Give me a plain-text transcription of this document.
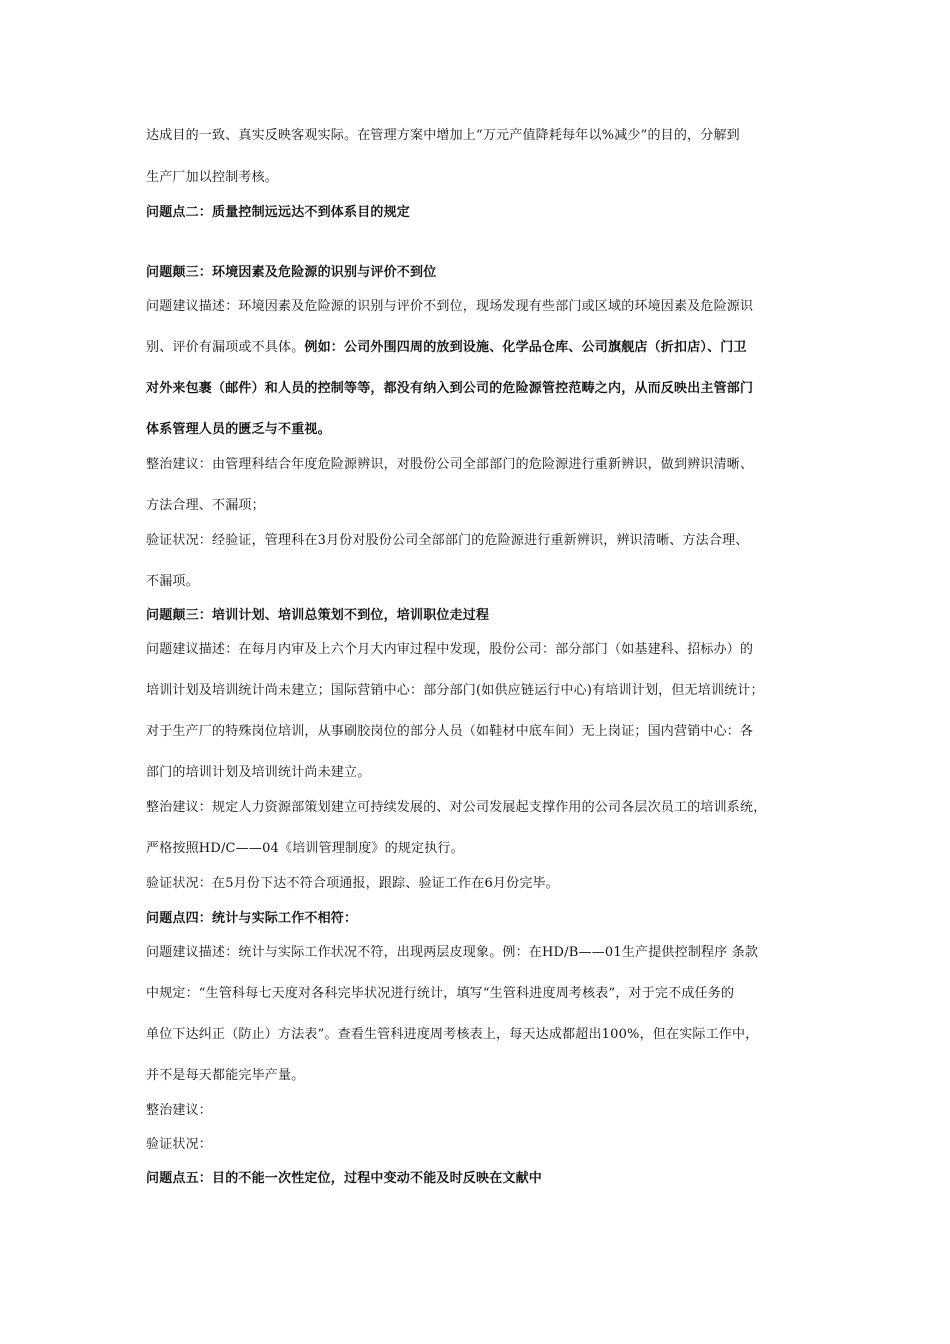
达成目的一致、真实反映客观实际。在管理方案中增加上“万元产值降耗每年以%减少”的目的，分解到
生产厂加以控制考核。
问题点二：质量控制远远达不到体系目的规定
问题颠三：环境因素及危险源的识别与评价不到位
问题建议描述：环境因素及危险源的识别与评价不到位，现场发现有些部门或区域的环境因素及危险源识
别、评价有漏项或不具体。例如：公司外围四周的放到设施、化学品仓库、公司旗舰店（折扣店）、门卫
对外来包裹（邮件）和人员的控制等等，都没有纳入到公司的危险源管控范畴之内，从而反映出主管部门
体系管理人员的匮乏与不重视。
整治建议：由管理科结合年度危险源辨识，对股份公司全部部门的危险源进行重新辨识，做到辨识清晰、
方法合理、不漏项；
验证状况：经验证，管理科在3月份对股份公司全部部门的危险源进行重新辨识，辨识清晰、方法合理、
不漏项。
问题颠三：培训计划、培训总策划不到位，培训职位走过程
问题建议描述：在每月内审及上六个月大内审过程中发现，股份公司：部分部门（如基建科、招标办）的
培训计划及培训统计尚未建立；国际营销中心：部分部门(如供应链运行中心)有培训计划，但无培训统计；
对于生产厂的特殊岗位培训，从事刷胶岗位的部分人员（如鞋材中底车间）无上岗证；国内营销中心：各
部门的培训计划及培训统计尚未建立。
整治建议：规定人力资源部策划建立可持续发展的、对公司发展起支撑作用的公司各层次员工的培训系统，
严格按照HD/C——04《培训管理制度》的规定执行。
验证状况：在5月份下达不符合项通报，跟踪、验证工作在6月份完毕。
问题点四：统计与实际工作不相符：
问题建议描述：统计与实际工作状况不符，出现两层皮现象。例：在HD/B——01生产提供控制程序 条款
中规定：“生管科每七天度对各科完毕状况进行统计，填写“生管科进度周考核表”，对于完不成任务的
单位下达纠正（防止）方法表”。查看生管科进度周考核表上，每天达成都超出100%，但在实际工作中，
并不是每天都能完毕产量。
整治建议：
验证状况：
问题点五：目的不能一次性定位，过程中变动不能及时反映在文献中
